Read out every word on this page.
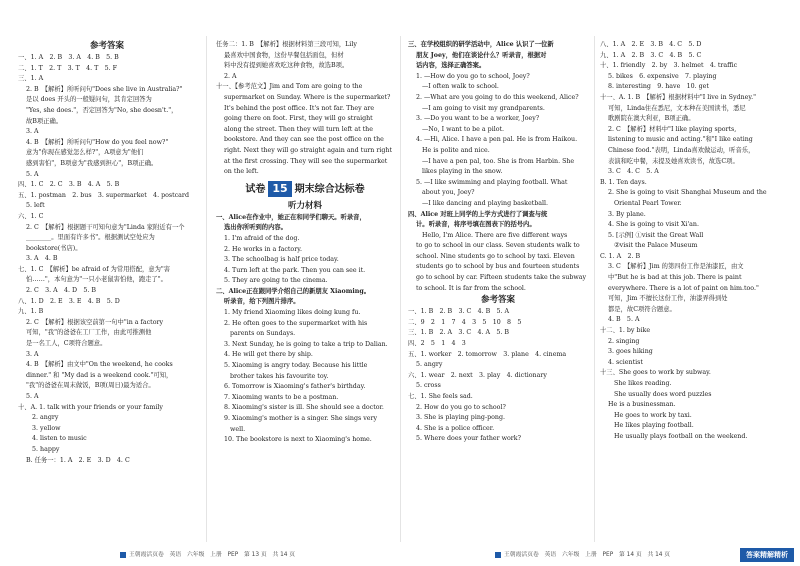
参考答案
一、1. A　2. B　3. A　4. B　5. B
二、1. T　2. T　3. T　4. T　5. F
三、1. A
2. B　【解析】所听问句"Does she live in Australia?"
是以 does 开头的一般疑问句，其肯定回答为
"Yes, she does."，否定回答为"No, she doesn't."，
故B项正确。
3. A
4. B　【解析】所听问句"How do you feel now?"
意为"你现在感觉怎么样?"，A项意为"他们
感到害怕"，B项意为"我感到担心"，B项正确。
5. A
四、1. C　2. C　3. B　4. A　5. B
五、1. postman　2. bus　3. supermarket　4. postcard
5. left
六、1. C
2. C　【解析】根据题干可知句意为"Linda 家附近有一个
________。里面有许多书"。根据测试空处应为
bookstore(书店)。
3. A　4. B
七、1. C　【解析】be afraid of 为常用搭配，意为"害
怕……"，本句意为"一只小老鼠害怕他，跑走了"。
2. C　3. A　4. D　5. B
八、1. D　2. E　3. E　4. B　5. D
九、1. B
2. C　【解析】根据该空前第一句中"in a factory
可知，"我"的爸爸在工厂工作，由此可推测他
是一名工人，C项符合题意。
3. A
4. B　【解析】由文中"On the weekend, he cooks
dinner." 和 "My dad is a weekend cook."可知，
"我"的爸爸在周末做饭，B项(周日)最为适合。
5. A
十、A. 1. talk with your friends or your family
2. angry
3. yellow
4. listen to music
5. happy
B. 任务一：1. A　2. E　3. D　4. C
任务二：1. B　【解析】根据材料第三段可知，Lily
最喜欢中国食物，这份早餐包括面包，但材
料中没有提到她喜欢吃这种食物，故选B项。
2. A
十一、【参考范文】Jim and Tom are going to the
supermarket on Sunday. Where is the supermarket?
It's behind the post office. It's not far. They are
going there on foot. First, they will go straight
along the street. Then they will turn left at the
bookstore. And they can see the post office on the
right. Next they will go straight again and turn right
at the first crossing. They will see the supermarket
on the left.
试卷 15 期末综合达标卷
听力材料
一、Alice在作业中，她正在和同学们聊天。听录音，
选出你所听到的内容。
1. I'm afraid of the dog.
2. He works in a factory.
3. The schoolbag is half price today.
4. Turn left at the park. Then you can see it.
5. They are going to the cinema.
二、Alice正在跟同学介绍自己的新朋友 Xiaoming。
听录音，给下列图片排序。
1. My friend Xiaoming likes doing kung fu.
2. He often goes to the supermarket with his
parents on Sundays.
3. Next Sunday, he is going to take a trip to Dalian.
4. He will get there by ship.
5. Xiaoming is angry today. Because his little
brother takes his favourite toy.
6. Tomorrow is Xiaoming's father's birthday.
7. Xiaoming wants to be a postman.
8. Xiaoming's sister is ill. She should see a doctor.
9. Xiaoming's mother is a singer. She sings very
well.
10. The bookstore is next to Xiaoming's home.
三、在学校组织的研学活动中，Alice 认识了一位新
朋友 Joey，他们在谈论什么？听录音，根据对
话内容，选择正确答案。
1. —How do you go to school, Joey?
—I often walk to school.
2. —What are you going to do this weekend, Alice?
—I am going to visit my grandparents.
3. —Do you want to be a worker, Joey?
—No, I want to be a pilot.
4. —Hi, Alice. I have a pen pal. He is from Haikou.
He is polite and nice.
—I have a pen pal, too. She is from Harbin. She
likes playing in the snow.
5. —I like swimming and playing football. What
about you, Joey?
—I like dancing and playing basketball.
四、Alice 对班上同学的上学方式进行了调查与统
计。听录音，将序号填在图表下的括号内。
Hello, I'm Alice. There are five different ways
to go to school in our class. Seven students walk to
school. Nine students go to school by taxi. Eleven
students go to school by bus and fourteen students
go to school by car. Fifteen students take the subway
to school. It is far from the school.
参考答案
一、1. B　2. B　3. C　4. B　5. A
二、9　2　1　7　4　3　5　10　8　5
三、1. B　2. A　3. C　4. A　5. B
四、2　5　1　4　3
五、1. worker　2. tomorrow　3. plane　4. cinema
5. angry
六、1. wear　2. next　3. play　4. dictionary
5. cross
七、1. She feels sad.
2. How do you go to school?
3. She is playing ping-pong.
4. She is a police officer.
5. Where does your father work?
八、1. A　2. E　3. B　4. C　5. D
九、1. A　2. B　3. C　4. B　5. C
十、1. friendly　2. by　3. helmet　4. traffic
5. bikes　6. expensive　7. playing
8. interesting　9. have　10. get
十一、A. 1. B　【解析】根据材料中"I live in Sydney."
可知，Linda住在悉尼，文本种在美国读书，悉尼
歌剧院在澳大利亚，B项正确。
2. C　【解析】材料中"I like playing sports,
listening to music and acting."和"I like eating
Chinese food."表明，Linda喜欢做运动，听音乐，
表演和吃中餐，未提及她喜欢读书，故选C项。
3. C　4. C　5. A
B. 1. Ten days.
2. She is going to visit Shanghai Museum and the
Oriental Pearl Tower.
3. By plane.
4. She is going to visit Xi'an.
5. [示例] ①visit the Great Wall
②visit the Palace Museum
C. 1. A　2. B
3. C　【解析】Jim 的第四份工作是油漆匠，由文
中"But he is bad at this job. There is paint
everywhere. There is a lot of paint on him.too."
可知，Jim 不擅长这份工作，油漆弄得到处
都是，故C项符合题意。
4. B　5. A
十二、1. by bike
2. singing
3. goes hiking
4. scientist
十三、She goes to work by subway.
She likes reading.
She usually does word puzzles
He is a businessman.
He goes to work by taxi.
He likes playing football.
He usually plays football on the weekend.
王朝霞活页卷　英语　六年级　上册　PEP　第 13 页　共 14 页	王朝霞活页卷　英语　六年级　上册　PEP　第 14 页　共 14 页	答案精解精析
